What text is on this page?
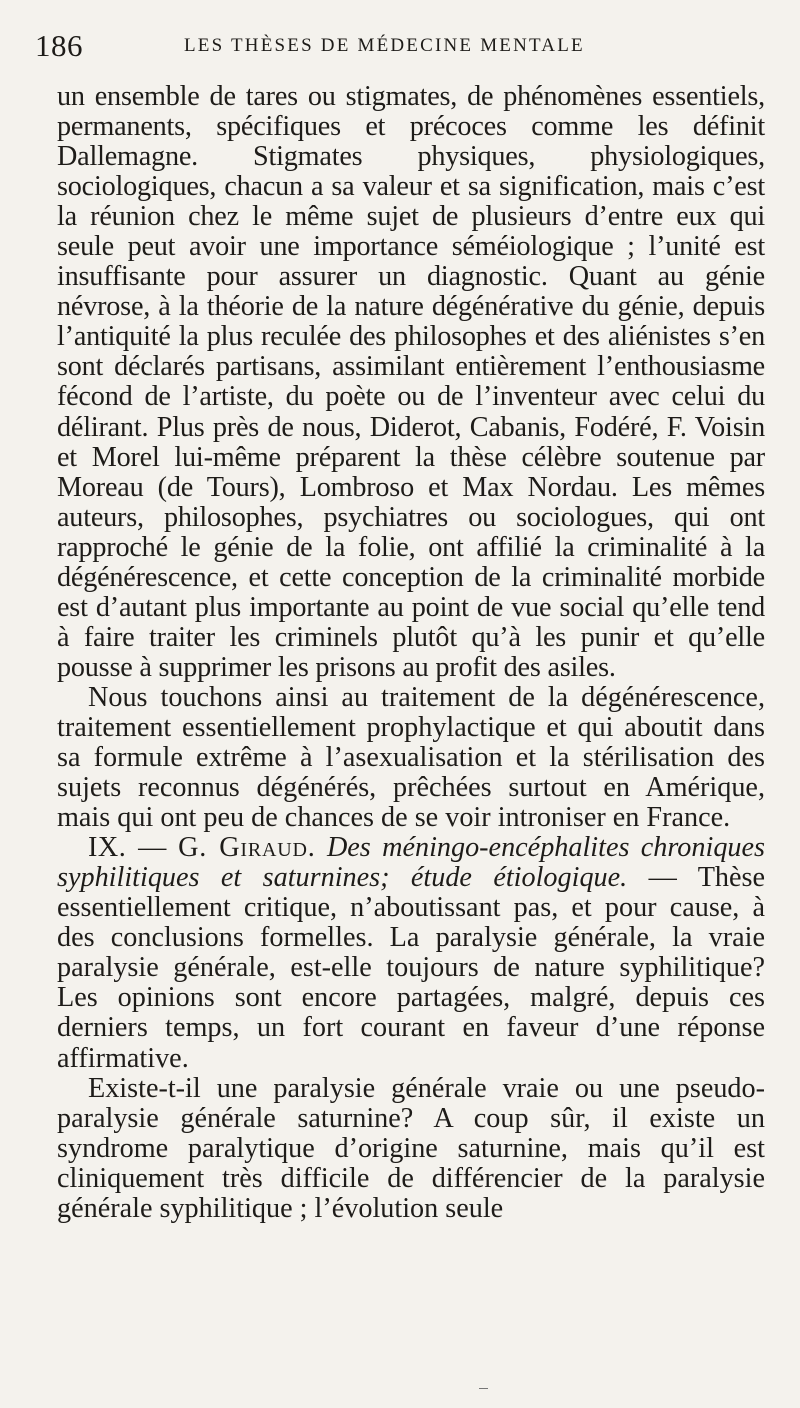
186	LES THÈSES DE MÉDECINE MENTALE

un ensemble de tares ou stigmates, de phénomènes essentiels, permanents, spécifiques et précoces comme les définit Dallemagne. Stigmates physiques, physiologiques, sociologiques, chacun a sa valeur et sa signification, mais c’est la réunion chez le même sujet de plusieurs d’entre eux qui seule peut avoir une importance séméiologique ; l’unité est insuffisante pour assurer un diagnostic. Quant au génie névrose, à la théorie de la nature dégénérative du génie, depuis l’antiquité la plus reculée des philosophes et des aliénistes s’en sont déclarés partisans, assimilant entièrement l’enthousiasme fécond de l’artiste, du poète ou de l’inventeur avec celui du délirant. Plus près de nous, Diderot, Cabanis, Fodéré, F. Voisin et Morel lui-même préparent la thèse célèbre soutenue par Moreau (de Tours), Lombroso et Max Nordau. Les mêmes auteurs, philosophes, psychiatres ou sociologues, qui ont rapproché le génie de la folie, ont affilié la criminalité à la dégénérescence, et cette conception de la criminalité morbide est d’autant plus importante au point de vue social qu’elle tend à faire traiter les criminels plutôt qu’à les punir et qu’elle pousse à supprimer les prisons au profit des asiles.

Nous touchons ainsi au traitement de la dégénérescence, traitement essentiellement prophylactique et qui aboutit dans sa formule extrême à l’asexualisation et la stérilisation des sujets reconnus dégénérés, prêchées surtout en Amérique, mais qui ont peu de chances de se voir introniser en France.

IX. — G. Giraud. Des méningo-encéphalites chroniques syphilitiques et saturnines; étude étiologique. — Thèse essentiellement critique, n’aboutissant pas, et pour cause, à des conclusions formelles. La paralysie générale, la vraie paralysie générale, est-elle toujours de nature syphilitique? Les opinions sont encore partagées, malgré, depuis ces derniers temps, un fort courant en faveur d’une réponse affirmative.

Existe-t-il une paralysie générale vraie ou une pseudo-paralysie générale saturnine? A coup sûr, il existe un syndrome paralytique d’origine saturnine, mais qu’il est cliniquement très difficile de différencier de la paralysie générale syphilitique ; l’évolution seule
